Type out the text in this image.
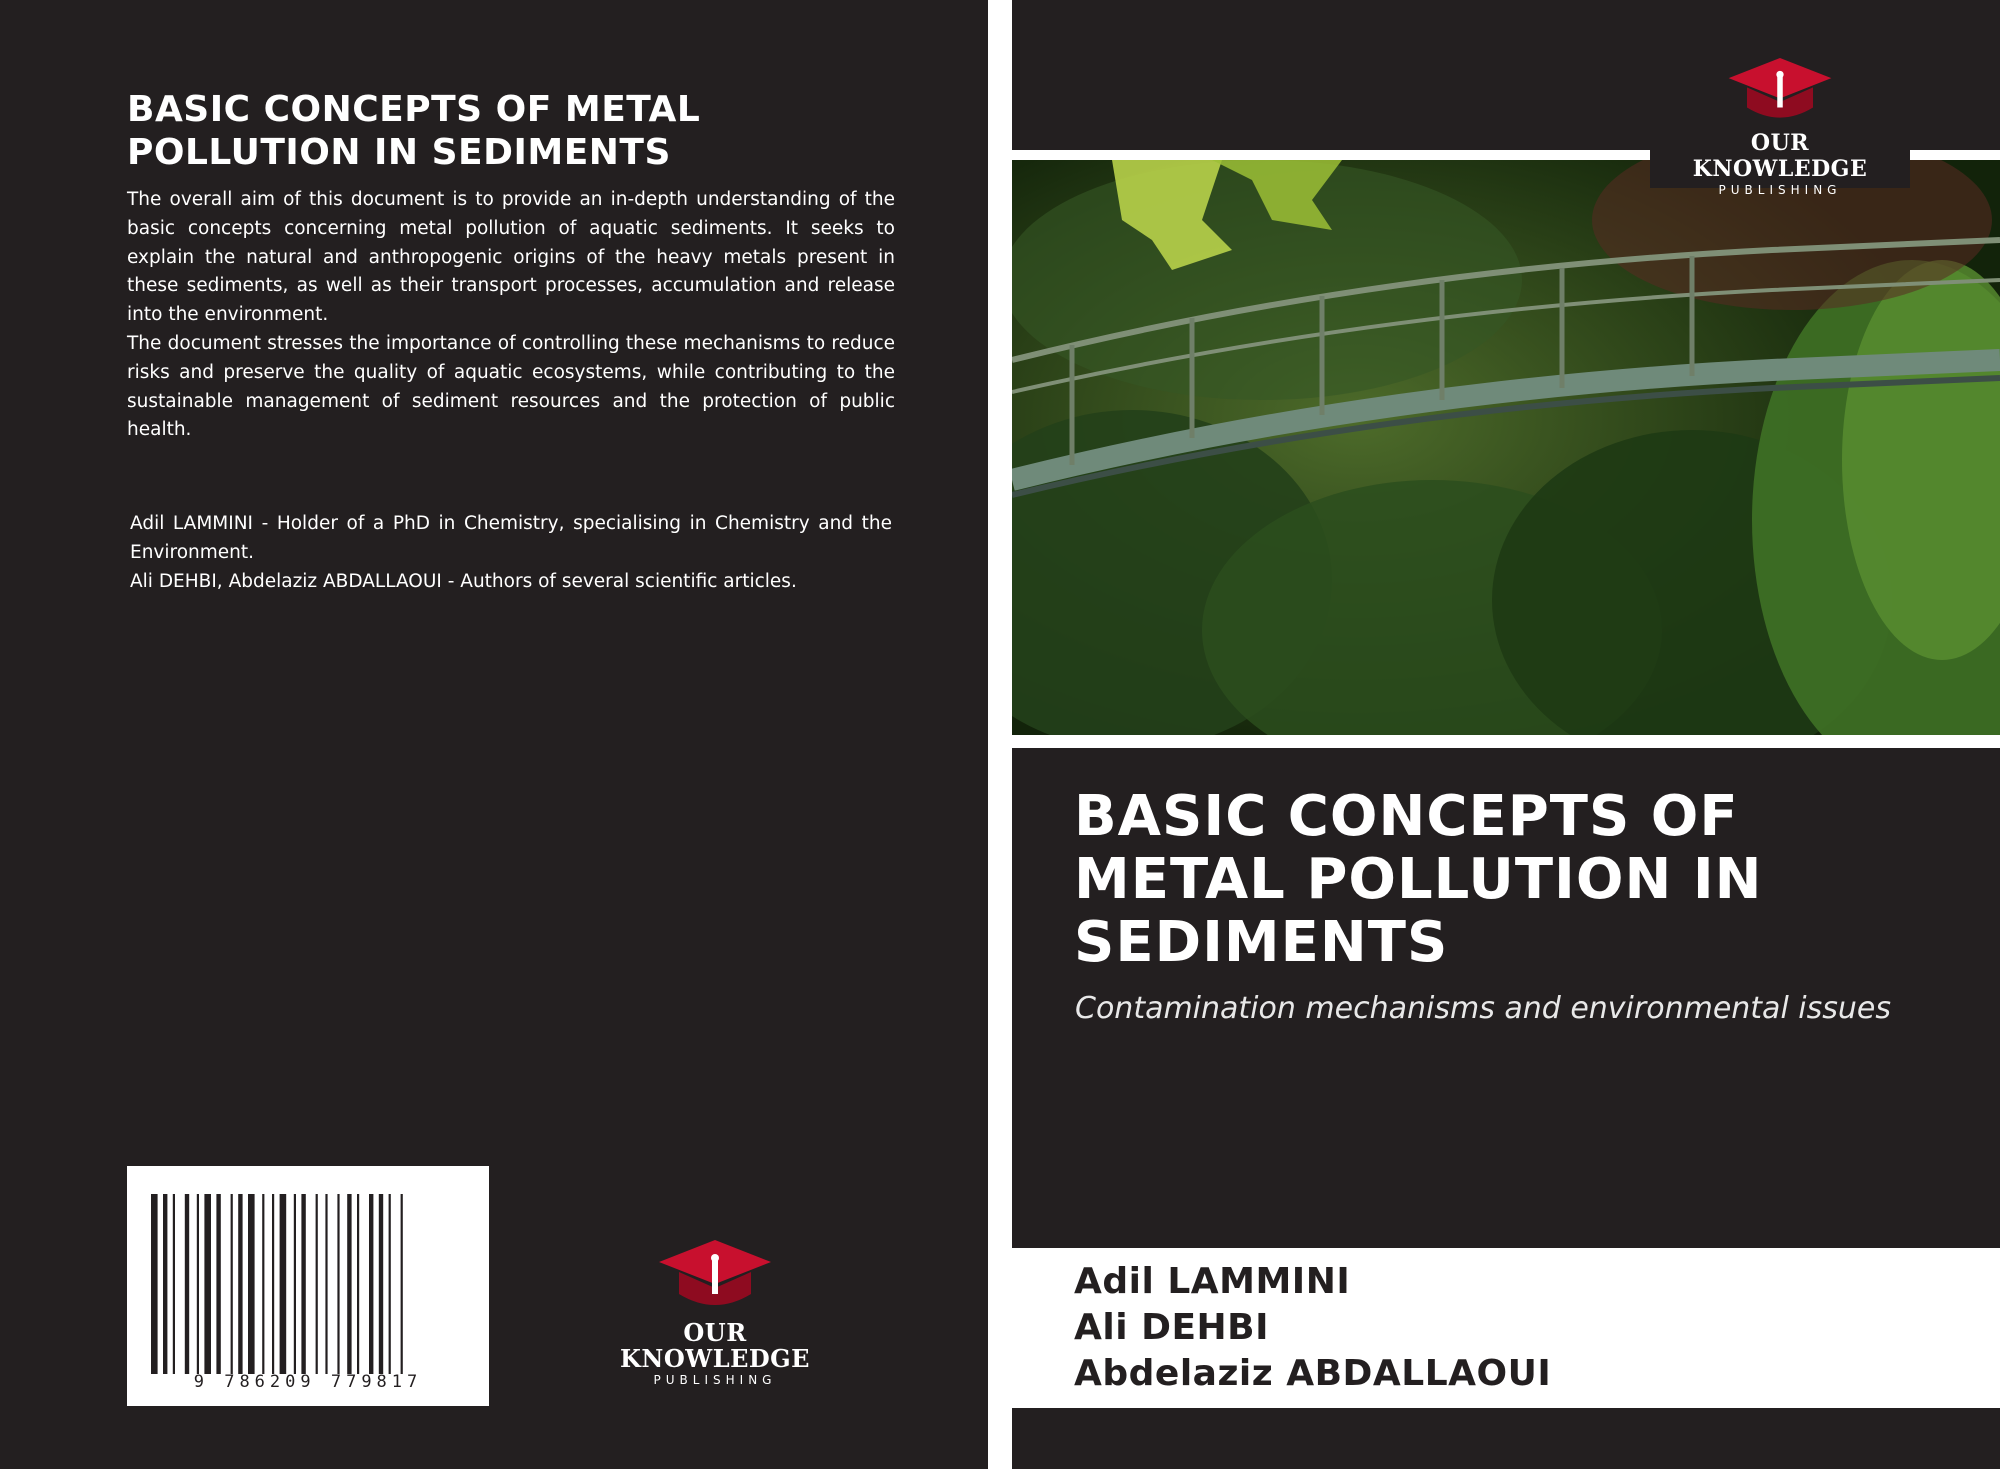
BASIC CONCEPTS OF METAL POLLUTION IN SEDIMENTS

The overall aim of this document is to provide an in-depth understanding of the basic concepts concerning metal pollution of aquatic sediments. It seeks to explain the natural and anthropogenic origins of the heavy metals present in these sediments, as well as their transport processes, accumulation and release into the environment.

The document stresses the importance of controlling these mechanisms to reduce risks and preserve the quality of aquatic ecosystems, while contributing to the sustainable management of sediment resources and the protection of public health.

Adil LAMMINI - Holder of a PhD in Chemistry, specialising in Chemistry and the Environment.

Ali DEHBI, Abdelaziz ABDALLAOUI - Authors of several scientific articles.

9 786209 779817
OUR KNOWLEDGE
PUBLISHING
OUR KNOWLEDGE
PUBLISHING
BASIC CONCEPTS OF METAL POLLUTION IN SEDIMENTS
Contamination mechanisms and environmental issues
Adil LAMMINI
Ali DEHBI
Abdelaziz ABDALLAOUI
